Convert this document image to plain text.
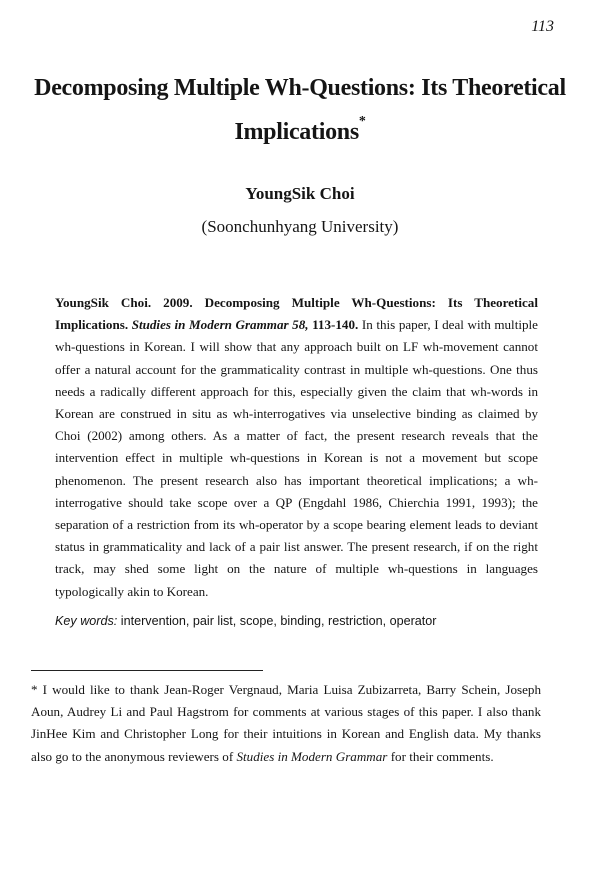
113
Decomposing Multiple Wh-Questions: Its Theoretical Implications*
YoungSik Choi
(Soonchunhyang University)

YoungSik Choi. 2009. Decomposing Multiple Wh-Questions: Its Theoretical Implications. Studies in Modern Grammar 58, 113-140. In this paper, I deal with multiple wh-questions in Korean. I will show that any approach built on LF wh-movement cannot offer a natural account for the grammaticality contrast in multiple wh-questions. One thus needs a radically different approach for this, especially given the claim that wh-words in Korean are construed in situ as wh-interrogatives via unselective binding as claimed by Choi (2002) among others. As a matter of fact, the present research reveals that the intervention effect in multiple wh-questions in Korean is not a movement but scope phenomenon. The present research also has important theoretical implications; a wh-interrogative should take scope over a QP (Engdahl 1986, Chierchia 1991, 1993); the separation of a restriction from its wh-operator by a scope bearing element leads to deviant status in grammaticality and lack of a pair list answer. The present research, if on the right track, may shed some light on the nature of multiple wh-questions in languages typologically akin to Korean.

Key words: intervention, pair list, scope, binding, restriction, operator

* I would like to thank Jean-Roger Vergnaud, Maria Luisa Zubizarreta, Barry Schein, Joseph Aoun, Audrey Li and Paul Hagstrom for comments at various stages of this paper. I also thank JinHee Kim and Christopher Long for their intuitions in Korean and English data. My thanks also go to the anonymous reviewers of Studies in Modern Grammar for their comments.
